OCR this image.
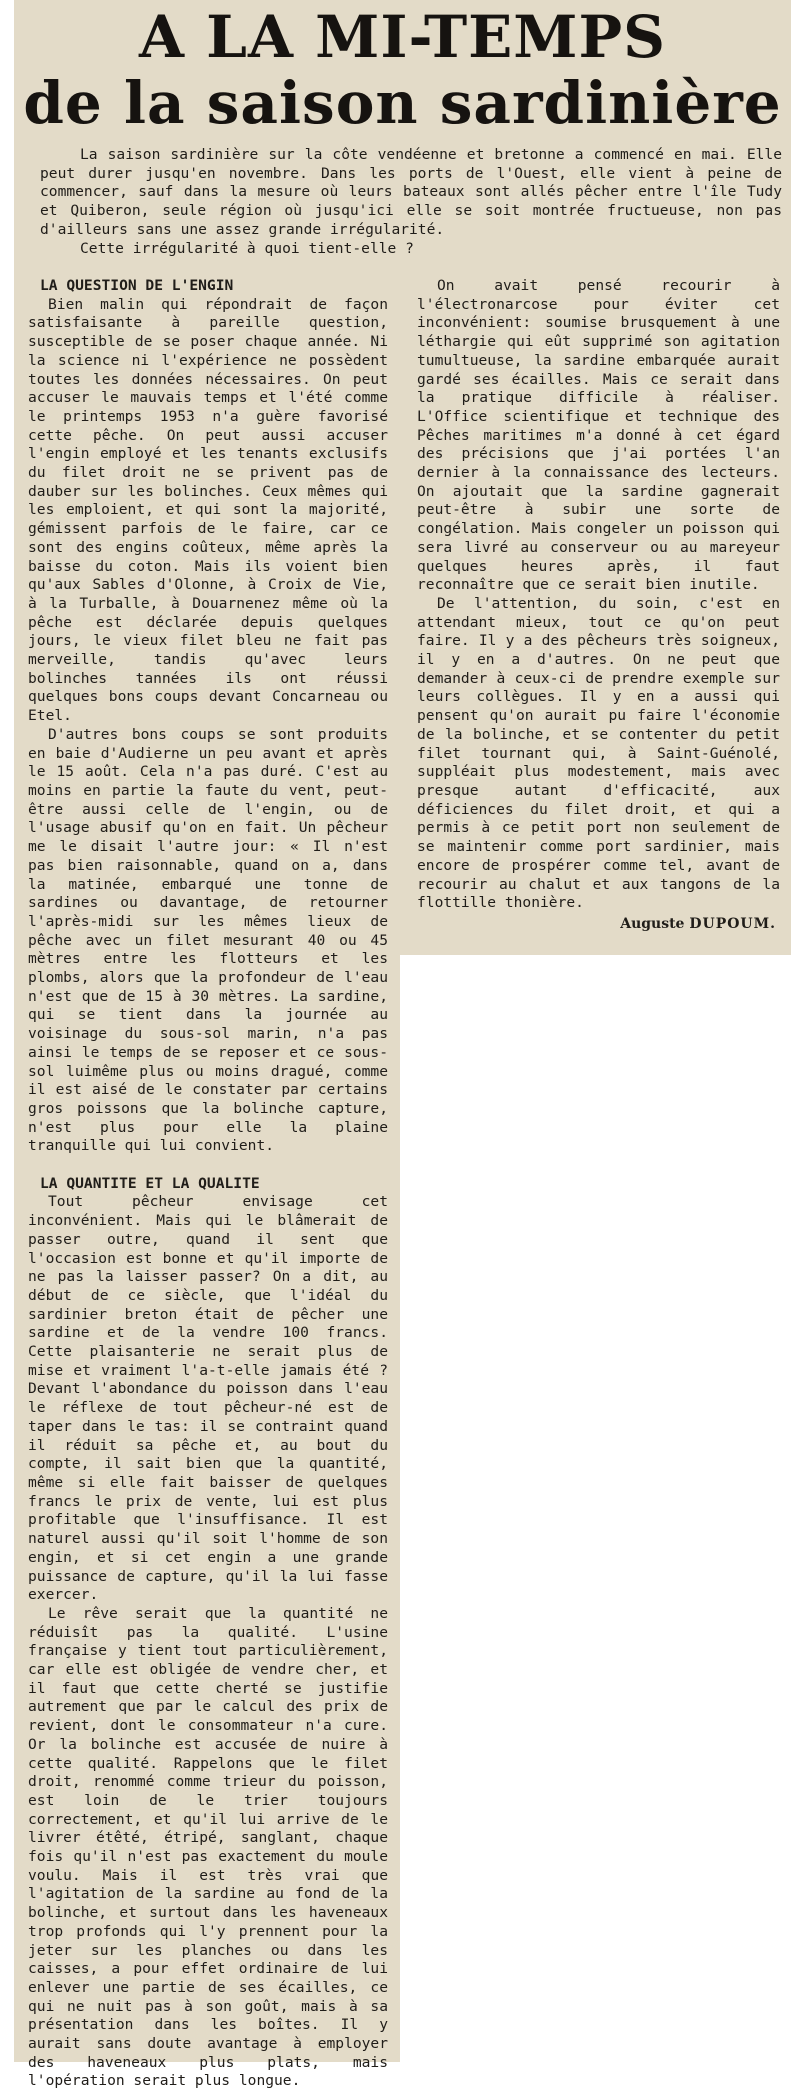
A LA MI-TEMPS
de la saison sardinière

La saison sardinière sur la côte vendéenne et bretonne a commencé en mai. Elle peut durer jusqu'en novembre. Dans les ports de l'Ouest, elle vient à peine de commencer, sauf dans la mesure où leurs bateaux sont allés pêcher entre l'île Tudy et Quiberon, seule région où jusqu'ici elle se soit montrée fructueuse, non pas d'ailleurs sans une assez grande irrégularité.

Cette irrégularité à quoi tient-elle ?

LA QUESTION DE L'ENGIN

Bien malin qui répondrait de façon satisfaisante à pareille question, susceptible de se poser chaque année. Ni la science ni l'expérience ne possèdent toutes les données nécessaires. On peut accuser le mauvais temps et l'été comme le printemps 1953 n'a guère favorisé cette pêche. On peut aussi accuser l'engin employé et les tenants exclusifs du filet droit ne se privent pas de dauber sur les bolinches. Ceux mêmes qui les emploient, et qui sont la majorité, gémissent parfois de le faire, car ce sont des engins coûteux, même après la baisse du coton. Mais ils voient bien qu'aux Sables d'Olonne, à Croix de Vie, à la Turballe, à Douarnenez même où la pêche est déclarée depuis quelques jours, le vieux filet bleu ne fait pas merveille, tandis qu'avec leurs bolinches tannées ils ont réussi quelques bons coups devant Concarneau ou Etel.

D'autres bons coups se sont produits en baie d'Audierne un peu avant et après le 15 août. Cela n'a pas duré. C'est au moins en partie la faute du vent, peut-être aussi celle de l'engin, ou de l'usage abusif qu'on en fait. Un pêcheur me le disait l'autre jour: « Il n'est pas bien raisonnable, quand on a, dans la matinée, embarqué une tonne de sardines ou davantage, de retourner l'après-midi sur les mêmes lieux de pêche avec un filet mesurant 40 ou 45 mètres entre les flotteurs et les plombs, alors que la profondeur de l'eau n'est que de 15 à 30 mètres. La sardine, qui se tient dans la journée au voisinage du sous-sol marin, n'a pas ainsi le temps de se reposer et ce sous-sol luimême plus ou moins dragué, comme il est aisé de le constater par certains gros poissons que la bolinche capture, n'est plus pour elle la plaine tranquille qui lui convient.

LA QUANTITE ET LA QUALITE

Tout pêcheur envisage cet inconvénient. Mais qui le blâmerait de passer outre, quand il sent que l'occasion est bonne et qu'il importe de ne pas la laisser passer? On a dit, au début de ce siècle, que l'idéal du sardinier breton était de pêcher une sardine et de la vendre 100 francs. Cette plaisanterie ne serait plus de mise et vraiment l'a-t-elle jamais été ? Devant l'abondance du poisson dans l'eau le réflexe de tout pêcheur-né est de taper dans le tas: il se contraint quand il réduit sa pêche et, au bout du compte, il sait bien que la quantité, même si elle fait baisser de quelques francs le prix de vente, lui est plus profitable que l'insuffisance. Il est naturel aussi qu'il soit l'homme de son engin, et si cet engin a une grande puissance de capture, qu'il la lui fasse exercer.

Le rêve serait que la quantité ne réduisît pas la qualité. L'usine française y tient tout particulièrement, car elle est obligée de vendre cher, et il faut que cette cherté se justifie autrement que par le calcul des prix de revient, dont le consommateur n'a cure. Or la bolinche est accusée de nuire à cette qualité. Rappelons que le filet droit, renommé comme trieur du poisson, est loin de le trier toujours correctement, et qu'il lui arrive de le livrer étêté, étripé, sanglant, chaque fois qu'il n'est pas exactement du moule voulu. Mais il est très vrai que l'agitation de la sardine au fond de la bolinche, et surtout dans les haveneaux trop profonds qui l'y prennent pour la jeter sur les planches ou dans les caisses, a pour effet ordinaire de lui enlever une partie de ses écailles, ce qui ne nuit pas à son goût, mais à sa présentation dans les boîtes. Il y aurait sans doute avantage à employer des haveneaux plus plats, mais l'opération serait plus longue.

On avait pensé recourir à l'électronarcose pour éviter cet inconvénient: soumise brusquement à une léthargie qui eût supprimé son agitation tumultueuse, la sardine embarquée aurait gardé ses écailles. Mais ce serait dans la pratique difficile à réaliser. L'Office scientifique et technique des Pêches maritimes m'a donné à cet égard des précisions que j'ai portées l'an dernier à la connaissance des lecteurs. On ajoutait que la sardine gagnerait peut-être à subir une sorte de congélation. Mais congeler un poisson qui sera livré au conserveur ou au mareyeur quelques heures après, il faut reconnaître que ce serait bien inutile.

De l'attention, du soin, c'est en attendant mieux, tout ce qu'on peut faire. Il y a des pêcheurs très soigneux, il y en a d'autres. On ne peut que demander à ceux-ci de prendre exemple sur leurs collègues. Il y en a aussi qui pensent qu'on aurait pu faire l'économie de la bolinche, et se contenter du petit filet tournant qui, à Saint-Guénolé, suppléait plus modestement, mais avec presque autant d'efficacité, aux déficiences du filet droit, et qui a permis à ce petit port non seulement de se maintenir comme port sardinier, mais encore de prospérer comme tel, avant de recourir au chalut et aux tangons de la flottille thonière.

Auguste DUPOUM.
